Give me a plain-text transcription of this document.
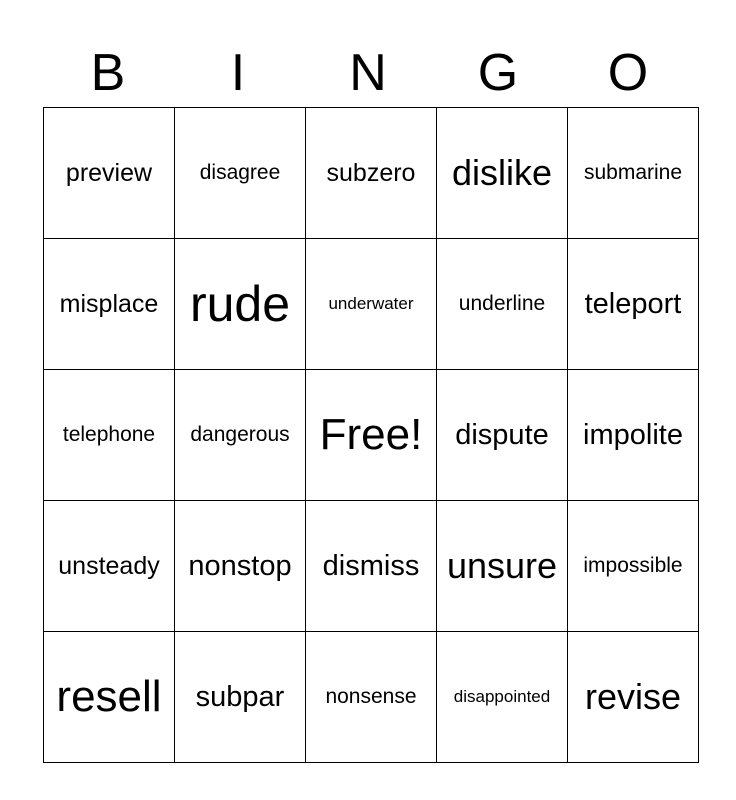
B	I	N	G	O
preview	disagree	subzero	dislike	submarine
misplace	rude	underwater	underline	teleport
telephone	dangerous	Free!	dispute	impolite
unsteady	nonstop	dismiss	unsure	impossible
resell	subpar	nonsense	disappointed	revise
